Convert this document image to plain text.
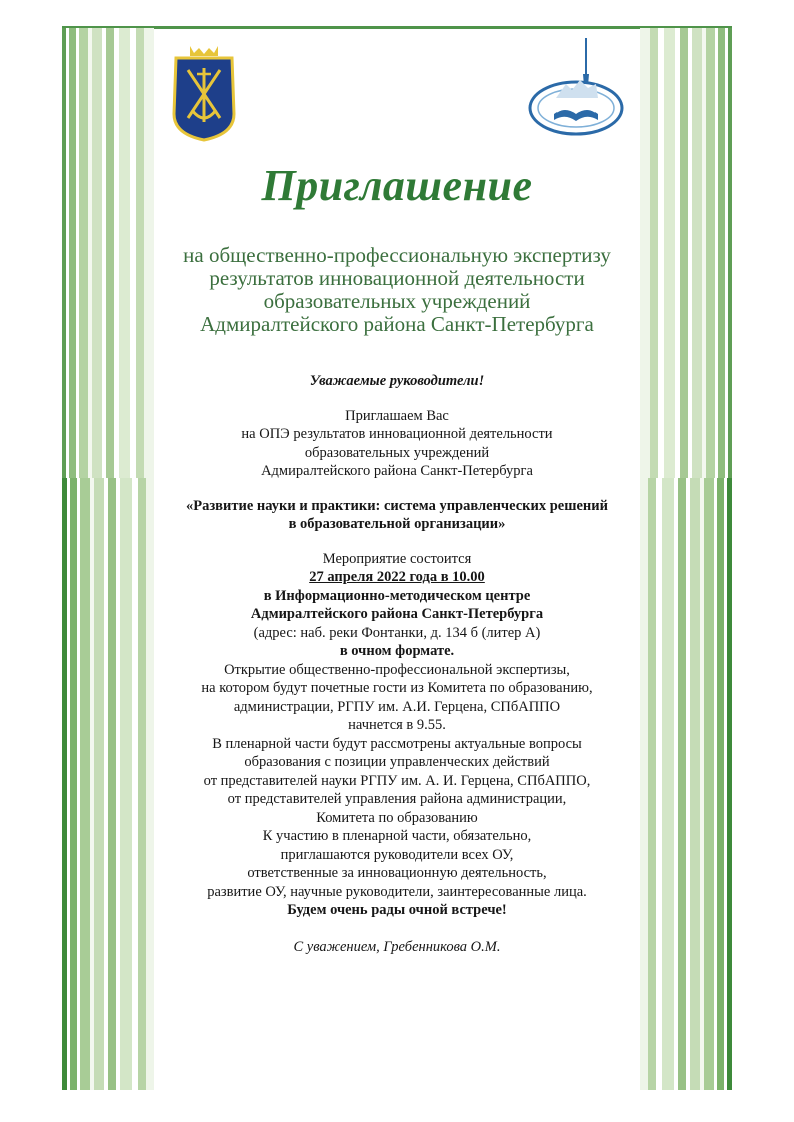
Приглашение
на общественно-профессиональную экспертизу
результатов инновационной деятельности
образовательных учреждений
Адмиралтейского района Санкт-Петербурга
Уважаемые руководители!
Приглашаем Вас
на ОПЭ результатов инновационной деятельности
образовательных учреждений
Адмиралтейского района Санкт-Петербурга
«Развитие науки и практики: система управленческих решений
в образовательной организации»
Мероприятие состоится
27 апреля 2022 года в 10.00
в Информационно-методическом центре
Адмиралтейского района Санкт-Петербурга
(адрес: наб. реки Фонтанки, д. 134 б (литер А)
в очном формате.
Открытие общественно-профессиональной экспертизы,
на котором будут почетные гости из Комитета по образованию,
администрации, РГПУ им. А.И. Герцена, СПбАППО
начнется в 9.55.
В пленарной части будут рассмотрены актуальные вопросы
образования с позиции управленческих действий
от представителей науки РГПУ им. А. И. Герцена, СПбАППО,
от представителей управления района администрации,
Комитета по образованию
К участию в пленарной части, обязательно,
приглашаются руководители всех ОУ,
ответственные за инновационную деятельность,
развитие ОУ, научные руководители, заинтересованные лица.
Будем очень рады очной встрече!
С уважением, Гребенникова О.М.
